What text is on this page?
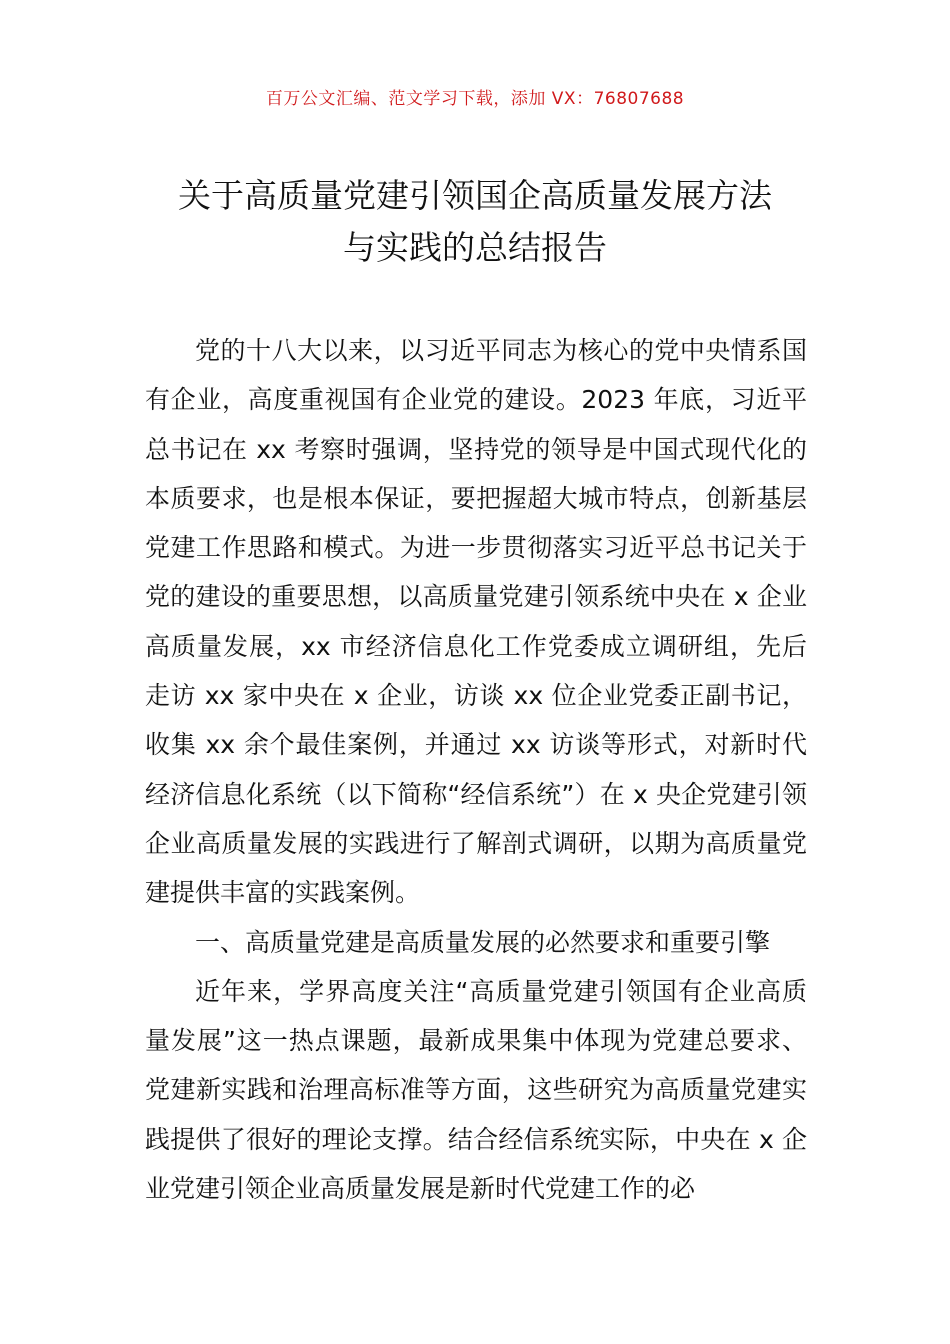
百万公文汇编、范文学习下载，添加 VX：76807688
关于高质量党建引领国企高质量发展方法
与实践的总结报告

党的十八大以来，以习近平同志为核心的党中央情系国有企业，高度重视国有企业党的建设。2023 年底，习近平总书记在 xx 考察时强调，坚持党的领导是中国式现代化的本质要求，也是根本保证，要把握超大城市特点，创新基层党建工作思路和模式。为进一步贯彻落实习近平总书记关于党的建设的重要思想，以高质量党建引领系统中央在 x 企业高质量发展，xx 市经济信息化工作党委成立调研组，先后走访 xx 家中央在 x 企业，访谈 xx 位企业党委正副书记，收集 xx 余个最佳案例，并通过 xx 访谈等形式，对新时代经济信息化系统（以下简称“经信系统”）在 x 央企党建引领企业高质量发展的实践进行了解剖式调研，以期为高质量党建提供丰富的实践案例。

一、高质量党建是高质量发展的必然要求和重要引擎

近年来，学界高度关注“高质量党建引领国有企业高质量发展”这一热点课题，最新成果集中体现为党建总要求、党建新实践和治理高标准等方面，这些研究为高质量党建实践提供了很好的理论支撑。结合经信系统实际，中央在 x 企业党建引领企业高质量发展是新时代党建工作的必
